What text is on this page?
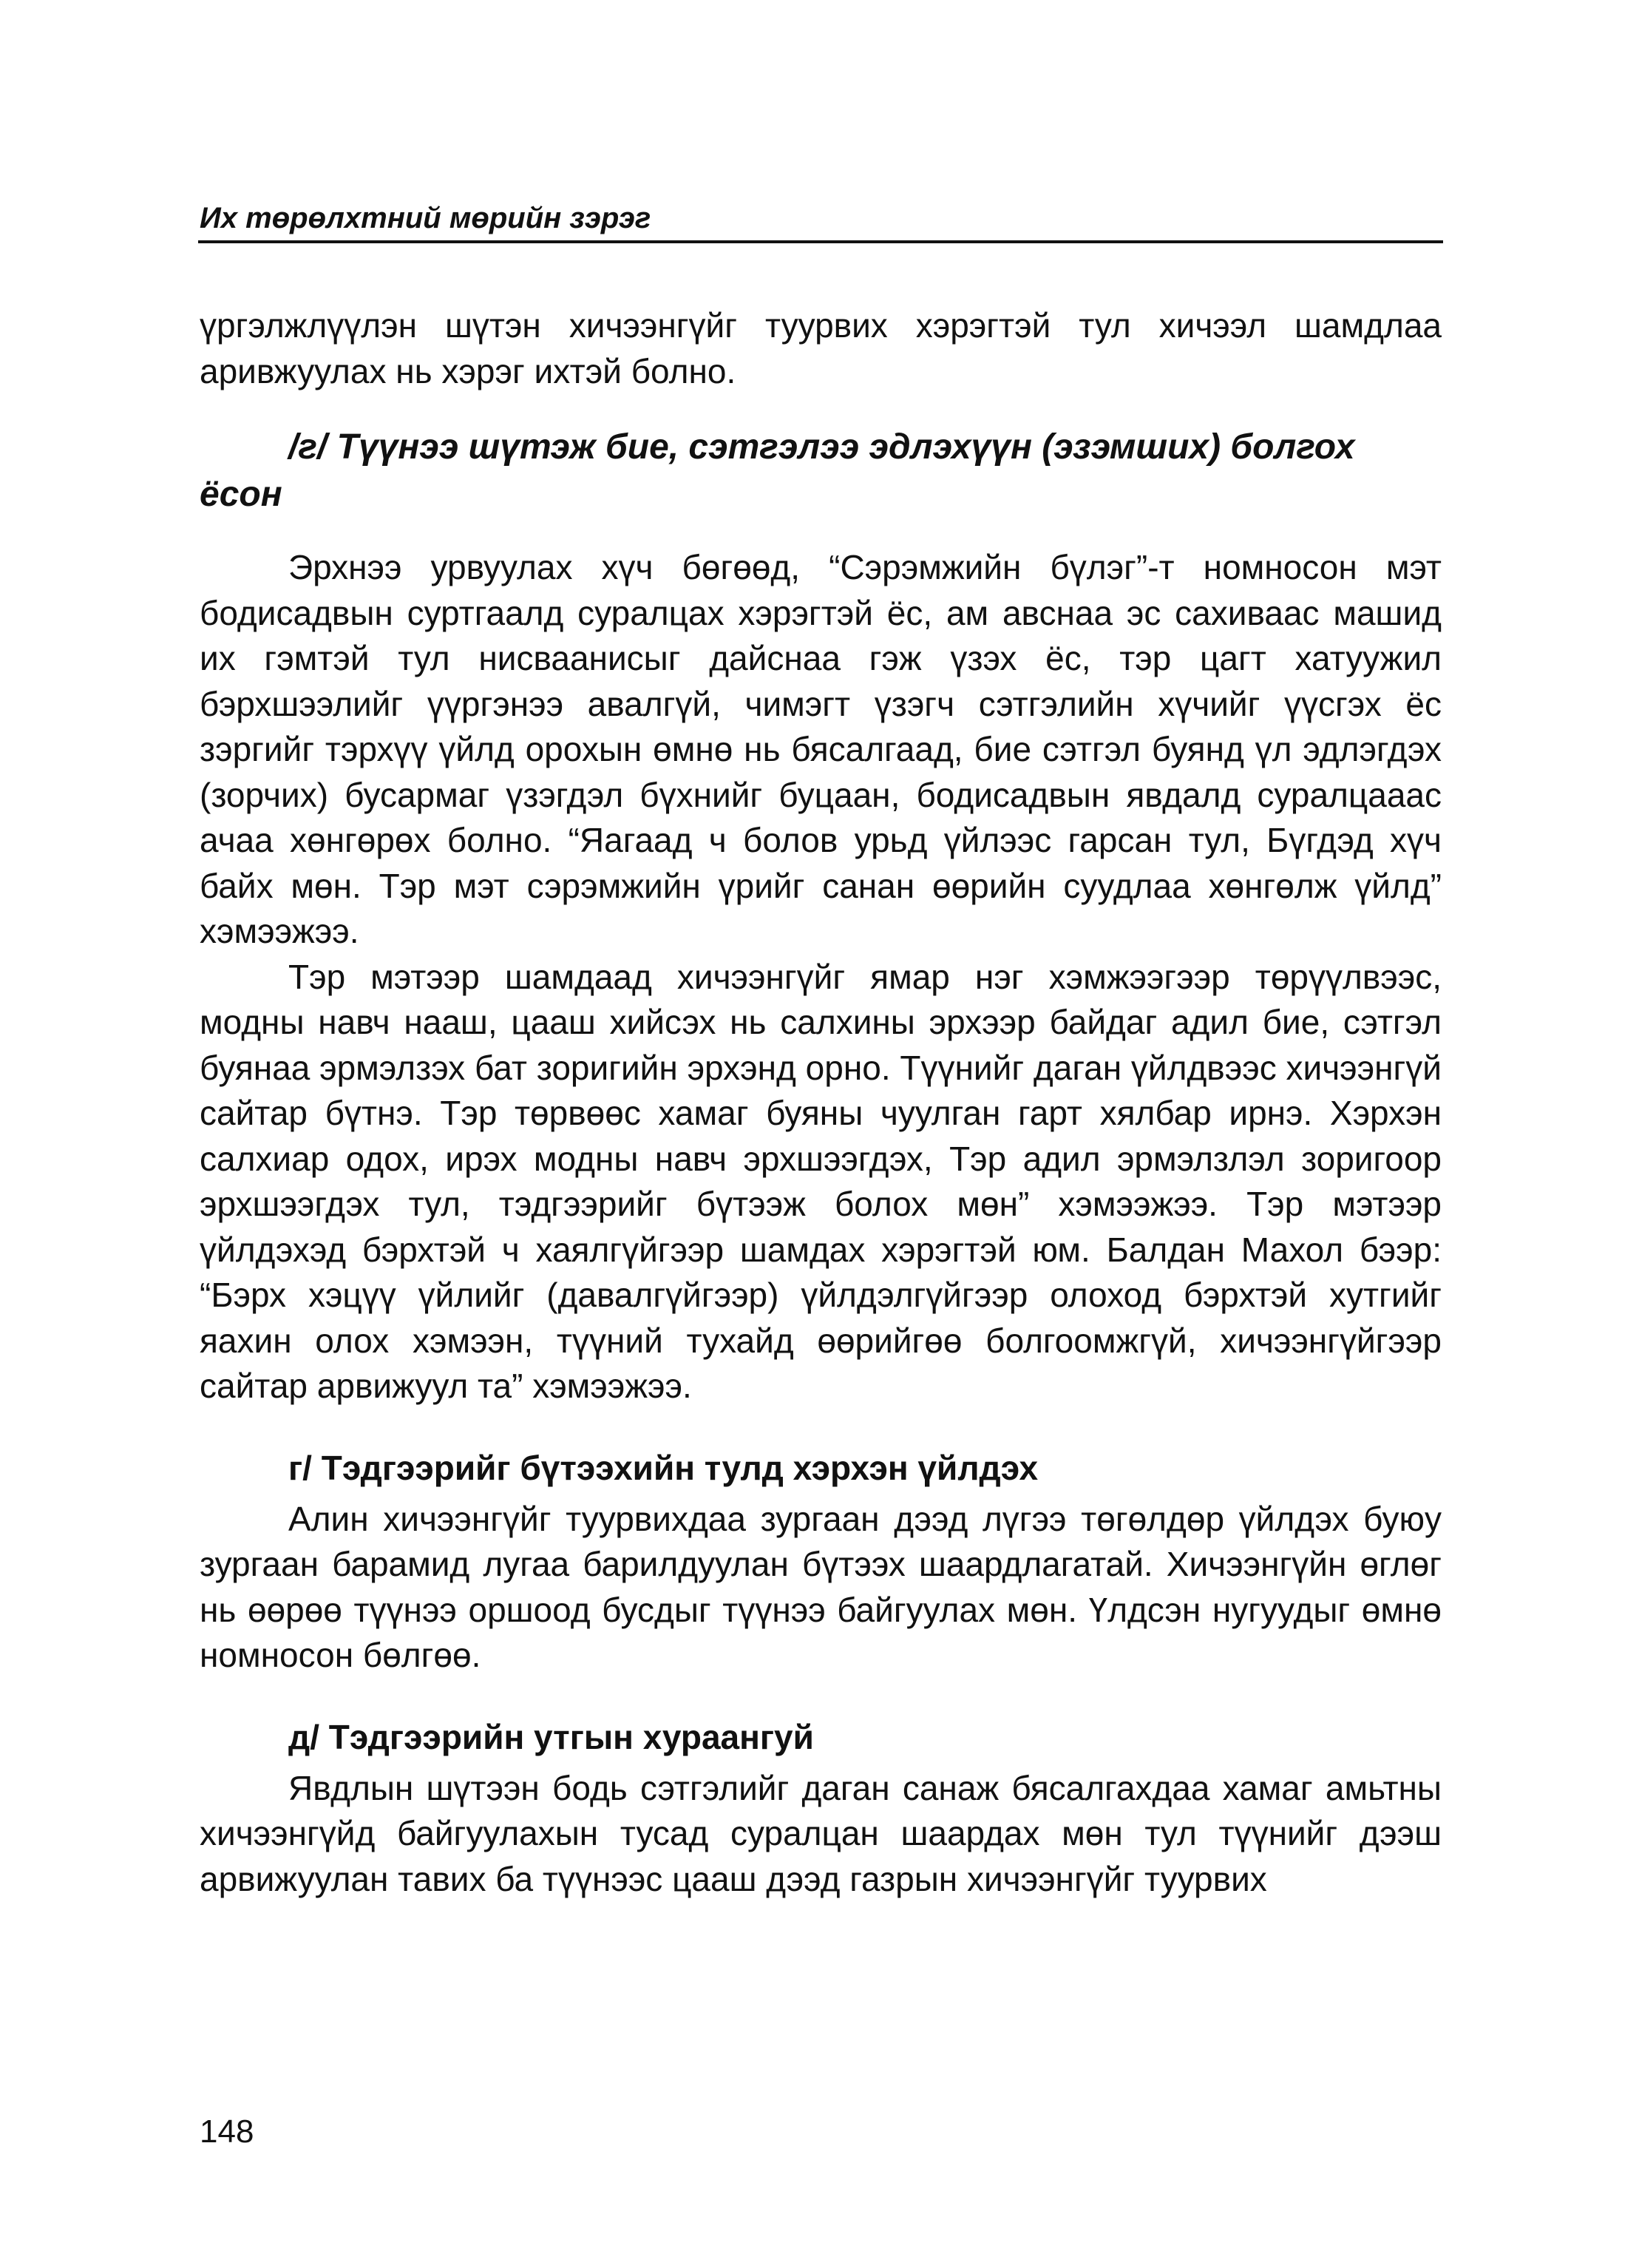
Их төрөлхтний мөрийн зэрэг

үргэлжлүүлэн шүтэн хичээнгүйг туурвих хэрэгтэй тул хичээл шамдлаа аривжуулах нь хэрэг ихтэй болно.

/г/ Түүнээ шүтэж бие, сэтгэлээ эдлэхүүн (эзэмших) болгох ёсон

Эрхнээ урвуулах хүч бөгөөд, “Сэрэмжийн бүлэг”-т номносон мэт бодисадвын суртгаалд суралцах хэрэгтэй ёс, ам авснаа эс сахиваас машид их гэмтэй тул нисваанисыг дайснаа гэж үзэх ёс, тэр цагт хатуужил бэрхшээлийг үүргэнээ авалгүй, чимэгт үзэгч сэтгэлийн хүчийг үүсгэх ёс зэргийг тэрхүү үйлд орохын өмнө нь бясалгаад, бие сэтгэл буянд үл эдлэгдэх (зорчих) бусармаг үзэгдэл бүхнийг буцаан, бодисадвын явдалд суралцааас ачаа хөнгөрөх болно. “Яагаад ч болов урьд үйлээс гарсан тул, Бүгдэд хүч байх мөн. Тэр мэт сэрэмжийн үрийг санан өөрийн суудлаа хөнгөлж үйлд” хэмээжээ.

Тэр мэтээр шамдаад хичээнгүйг ямар нэг хэмжээгээр төрүүлвээс, модны навч нааш, цааш хийсэх нь салхины эрхээр байдаг адил бие, сэтгэл буянаа эрмэлзэх бат зоригийн эрхэнд орно. Түүнийг даган үйлдвээс хичээнгүй сайтар бүтнэ. Тэр төрвөөс хамаг буяны чуулган гарт хялбар ирнэ. Хэрхэн салхиар одох, ирэх модны навч эрхшээгдэх, Тэр адил эрмэлзлэл зоригоор эрхшээгдэх тул, тэдгээрийг бүтээж болох мөн” хэмээжээ. Тэр мэтээр үйлдэхэд бэрхтэй ч хаялгүйгээр шамдах хэрэгтэй юм. Балдан Махол бээр: “Бэрх хэцүү үйлийг (давалгүйгээр) үйлдэлгүйгээр олоход бэрхтэй хутгийг яахин олох хэмээн, түүний тухайд өөрийгөө болгоомжгүй, хичээнгүйгээр сайтар арвижуул та” хэмээжээ.

г/ Тэдгээрийг бүтээхийн тулд хэрхэн үйлдэх

Алин хичээнгүйг туурвихдаа зургаан дээд лүгээ төгөлдөр үйлдэх буюу зургаан барамид лугаа барилдуулан бүтээх шаардлагатай. Хичээнгүйн өглөг нь өөрөө түүнээ оршоод бусдыг түүнээ байгуулах мөн. Үлдсэн нугуудыг өмнө номносон бөлгөө.

д/ Тэдгээрийн утгын хураангуй

Явдлын шүтээн бодь сэтгэлийг даган санаж бясалгахдаа хамаг амьтны хичээнгүйд байгуулахын тусад суралцан шаардах мөн тул түүнийг дээш арвижуулан тавих ба түүнээс цааш дээд газрын хичээнгүйг туурвих

148
